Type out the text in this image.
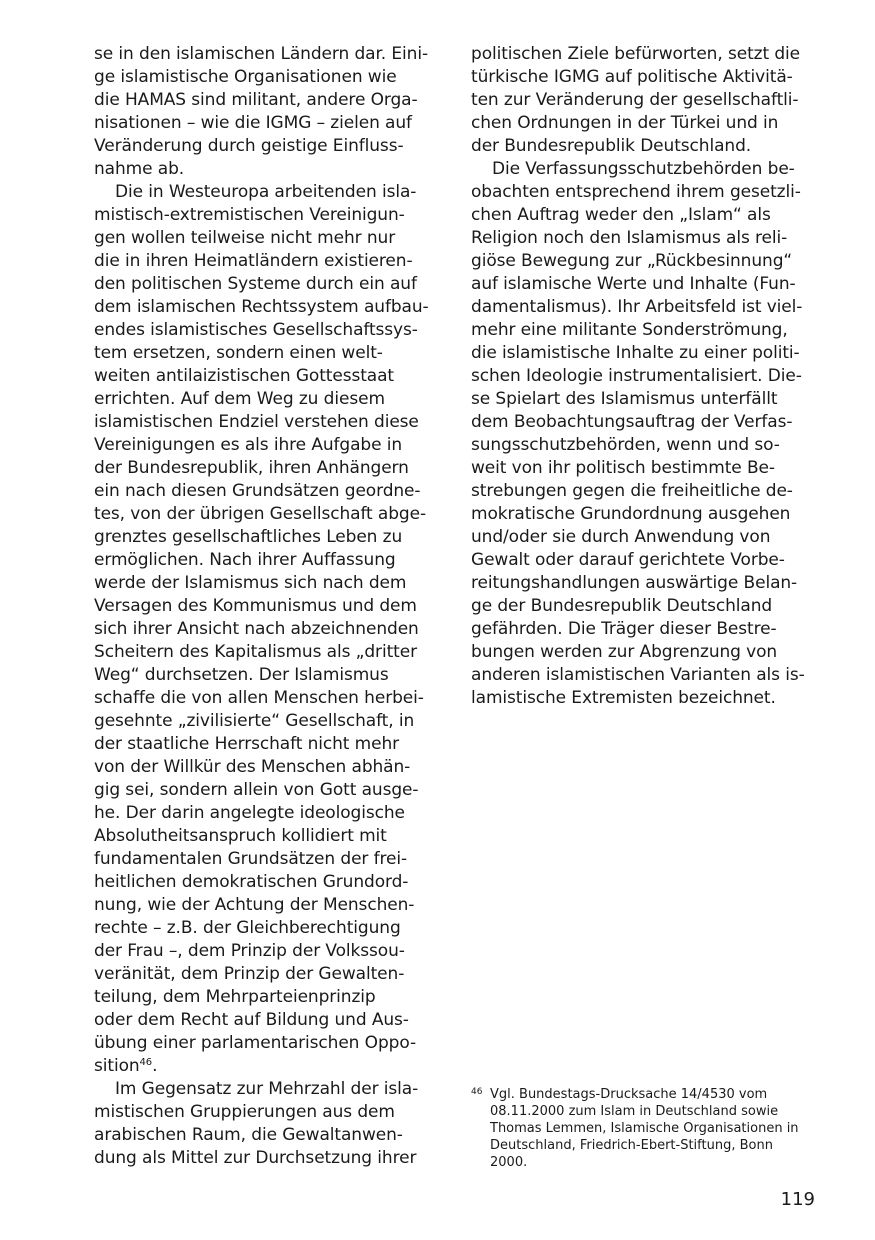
se in den islamischen Ländern dar. Eini-
ge islamistische Organisationen wie
die HAMAS sind militant, andere Orga-
nisationen – wie die IGMG – zielen auf
Veränderung durch geistige Einfluss-
nahme ab.
Die in Westeuropa arbeitenden isla-
mistisch-extremistischen Vereinigun-
gen wollen teilweise nicht mehr nur
die in ihren Heimatländern existieren-
den politischen Systeme durch ein auf
dem islamischen Rechtssystem aufbau-
endes islamistisches Gesellschaftssys-
tem ersetzen, sondern einen welt-
weiten antilaizistischen Gottesstaat
errichten. Auf dem Weg zu diesem
islamistischen Endziel verstehen diese
Vereinigungen es als ihre Aufgabe in
der Bundesrepublik, ihren Anhängern
ein nach diesen Grundsätzen geordne-
tes, von der übrigen Gesellschaft abge-
grenztes gesellschaftliches Leben zu
ermöglichen. Nach ihrer Auffassung
werde der Islamismus sich nach dem
Versagen des Kommunismus und dem
sich ihrer Ansicht nach abzeichnenden
Scheitern des Kapitalismus als „dritter
Weg“ durchsetzen. Der Islamismus
schaffe die von allen Menschen herbei-
gesehnte „zivilisierte“ Gesellschaft, in
der staatliche Herrschaft nicht mehr
von der Willkür des Menschen abhän-
gig sei, sondern allein von Gott ausge-
he. Der darin angelegte ideologische
Absolutheitsanspruch kollidiert mit
fundamentalen Grundsätzen der frei-
heitlichen demokratischen Grundord-
nung, wie der Achtung der Menschen-
rechte – z.B. der Gleichberechtigung
der Frau –, dem Prinzip der Volkssou-
veränität, dem Prinzip der Gewalten-
teilung, dem Mehrparteienprinzip
oder dem Recht auf Bildung und Aus-
übung einer parlamentarischen Oppo-
sition$^{46}$.
Im Gegensatz zur Mehrzahl der isla-
mistischen Gruppierungen aus dem
arabischen Raum, die Gewaltanwen-
dung als Mittel zur Durchsetzung ihrer
politischen Ziele befürworten, setzt die
türkische IGMG auf politische Aktivitä-
ten zur Veränderung der gesellschaftli-
chen Ordnungen in der Türkei und in
der Bundesrepublik Deutschland.
Die Verfassungsschutzbehörden be-
obachten entsprechend ihrem gesetzli-
chen Auftrag weder den „Islam“ als
Religion noch den Islamismus als reli-
giöse Bewegung zur „Rückbesinnung“
auf islamische Werte und Inhalte (Fun-
damentalismus). Ihr Arbeitsfeld ist viel-
mehr eine militante Sonderströmung,
die islamistische Inhalte zu einer politi-
schen Ideologie instrumentalisiert. Die-
se Spielart des Islamismus unterfällt
dem Beobachtungsauftrag der Verfas-
sungsschutzbehörden, wenn und so-
weit von ihr politisch bestimmte Be-
strebungen gegen die freiheitliche de-
mokratische Grundordnung ausgehen
und/oder sie durch Anwendung von
Gewalt oder darauf gerichtete Vorbe-
reitungshandlungen auswärtige Belan-
ge der Bundesrepublik Deutschland
gefährden. Die Träger dieser Bestre-
bungen werden zur Abgrenzung von
anderen islamistischen Varianten als is-
lamistische Extremisten bezeichnet.
46 Vgl. Bundestags-Drucksache 14/4530 vom
08.11.2000 zum Islam in Deutschland sowie
Thomas Lemmen, Islamische Organisationen in
Deutschland, Friedrich-Ebert-Stiftung, Bonn
2000.
119
